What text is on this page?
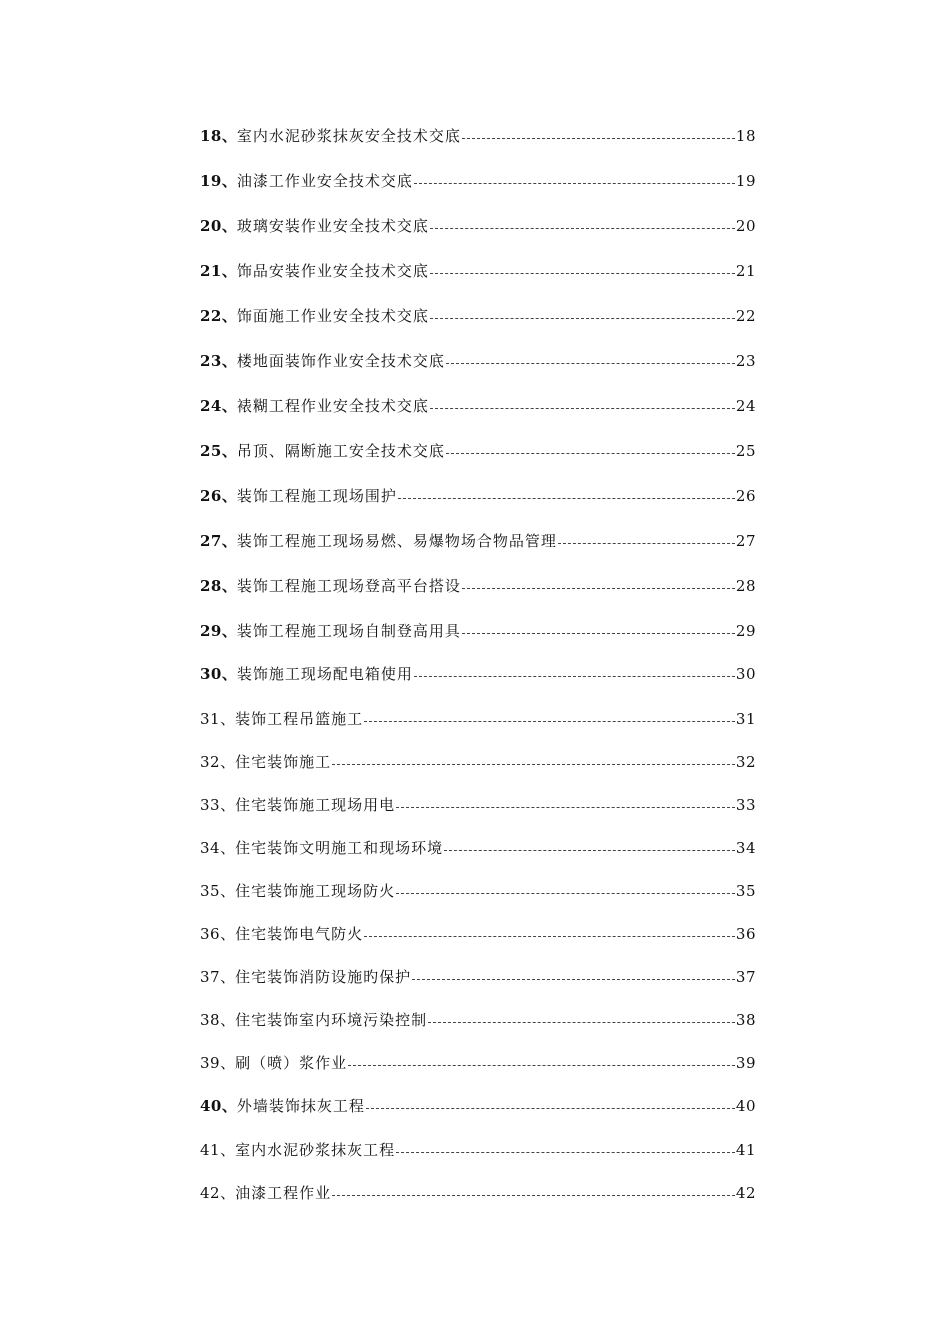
18 、 室内水泥砂浆抹灰安全技术交底	18
19 、 油漆工作业安全技术交底	19
20 、 玻璃安装作业安全技术交底	20
21 、 饰品安装作业安全技术交底	21
22 、 饰面施工作业安全技术交底	22
23 、 楼地面装饰作业安全技术交底	23
24 、 裱糊工程作业安全技术交底	24
25 、 吊顶、隔断施工安全技术交底	25
26 、 装饰工程施工现场围护	26
27 、 装饰工程施工现场易燃、易爆物场合物品管理	27
28 、 装饰工程施工现场登高平台搭设	28
29 、 装饰工程施工现场自制登高用具	29
30 、 装饰施工现场配电箱使用	30
31 、 装饰工程吊篮施工	31
32 、 住宅装饰施工	32
33 、 住宅装饰施工现场用电	33
34 、 住宅装饰文明施工和现场环境	34
35 、 住宅装饰施工现场防火	35
36 、 住宅装饰电气防火	36
37 、 住宅装饰消防设施旳保护	37
38 、 住宅装饰室内环境污染控制	38
39 、 刷（喷）浆作业	39
40 、 外墙装饰抹灰工程	40
41 、 室内水泥砂浆抹灰工程	41
42 、 油漆工程作业	42
